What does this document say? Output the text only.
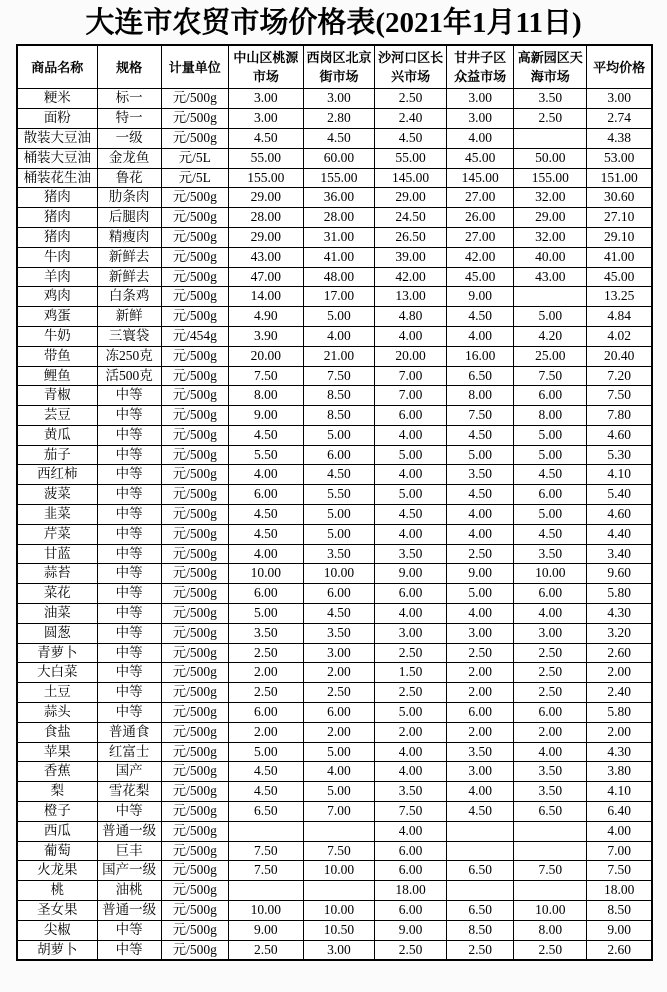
大连市农贸市场价格表(2021年1月11日)
商品名称	规格	计量单位	中山区桃源市场	西岗区北京街市场	沙河口区长兴市场	甘井子区众益市场	高新园区天海市场	平均价格
粳米	标一	元/500g	3.00	3.00	2.50	3.00	3.50	3.00
面粉	特一	元/500g	3.00	2.80	2.40	3.00	2.50	2.74
散装大豆油	一级	元/500g	4.50	4.50	4.50	4.00		4.38
桶装大豆油	金龙鱼	元/5L	55.00	60.00	55.00	45.00	50.00	53.00
桶装花生油	鲁花	元/5L	155.00	155.00	145.00	145.00	155.00	151.00
猪肉	肋条肉	元/500g	29.00	36.00	29.00	27.00	32.00	30.60
猪肉	后腿肉	元/500g	28.00	28.00	24.50	26.00	29.00	27.10
猪肉	精瘦肉	元/500g	29.00	31.00	26.50	27.00	32.00	29.10
牛肉	新鲜去	元/500g	43.00	41.00	39.00	42.00	40.00	41.00
羊肉	新鲜去	元/500g	47.00	48.00	42.00	45.00	43.00	45.00
鸡肉	白条鸡	元/500g	14.00	17.00	13.00	9.00		13.25
鸡蛋	新鲜	元/500g	4.90	5.00	4.80	4.50	5.00	4.84
牛奶	三寰袋	元/454g	3.90	4.00	4.00	4.00	4.20	4.02
带鱼	冻250克	元/500g	20.00	21.00	20.00	16.00	25.00	20.40
鲤鱼	活500克	元/500g	7.50	7.50	7.00	6.50	7.50	7.20
青椒	中等	元/500g	8.00	8.50	7.00	8.00	6.00	7.50
芸豆	中等	元/500g	9.00	8.50	6.00	7.50	8.00	7.80
黄瓜	中等	元/500g	4.50	5.00	4.00	4.50	5.00	4.60
茄子	中等	元/500g	5.50	6.00	5.00	5.00	5.00	5.30
西红柿	中等	元/500g	4.00	4.50	4.00	3.50	4.50	4.10
菠菜	中等	元/500g	6.00	5.50	5.00	4.50	6.00	5.40
韭菜	中等	元/500g	4.50	5.00	4.50	4.00	5.00	4.60
芹菜	中等	元/500g	4.50	5.00	4.00	4.00	4.50	4.40
甘蓝	中等	元/500g	4.00	3.50	3.50	2.50	3.50	3.40
蒜苔	中等	元/500g	10.00	10.00	9.00	9.00	10.00	9.60
菜花	中等	元/500g	6.00	6.00	6.00	5.00	6.00	5.80
油菜	中等	元/500g	5.00	4.50	4.00	4.00	4.00	4.30
圆葱	中等	元/500g	3.50	3.50	3.00	3.00	3.00	3.20
青萝卜	中等	元/500g	2.50	3.00	2.50	2.50	2.50	2.60
大白菜	中等	元/500g	2.00	2.00	1.50	2.00	2.50	2.00
土豆	中等	元/500g	2.50	2.50	2.50	2.00	2.50	2.40
蒜头	中等	元/500g	6.00	6.00	5.00	6.00	6.00	5.80
食盐	普通食	元/500g	2.00	2.00	2.00	2.00	2.00	2.00
苹果	红富士	元/500g	5.00	5.00	4.00	3.50	4.00	4.30
香蕉	国产	元/500g	4.50	4.00	4.00	3.00	3.50	3.80
梨	雪花梨	元/500g	4.50	5.00	3.50	4.00	3.50	4.10
橙子	中等	元/500g	6.50	7.00	7.50	4.50	6.50	6.40
西瓜	普通一级	元/500g			4.00			4.00
葡萄	巨丰	元/500g	7.50	7.50	6.00			7.00
火龙果	国产一级	元/500g	7.50	10.00	6.00	6.50	7.50	7.50
桃	油桃	元/500g			18.00			18.00
圣女果	普通一级	元/500g	10.00	10.00	6.00	6.50	10.00	8.50
尖椒	中等	元/500g	9.00	10.50	9.00	8.50	8.00	9.00
胡萝卜	中等	元/500g	2.50	3.00	2.50	2.50	2.50	2.60
